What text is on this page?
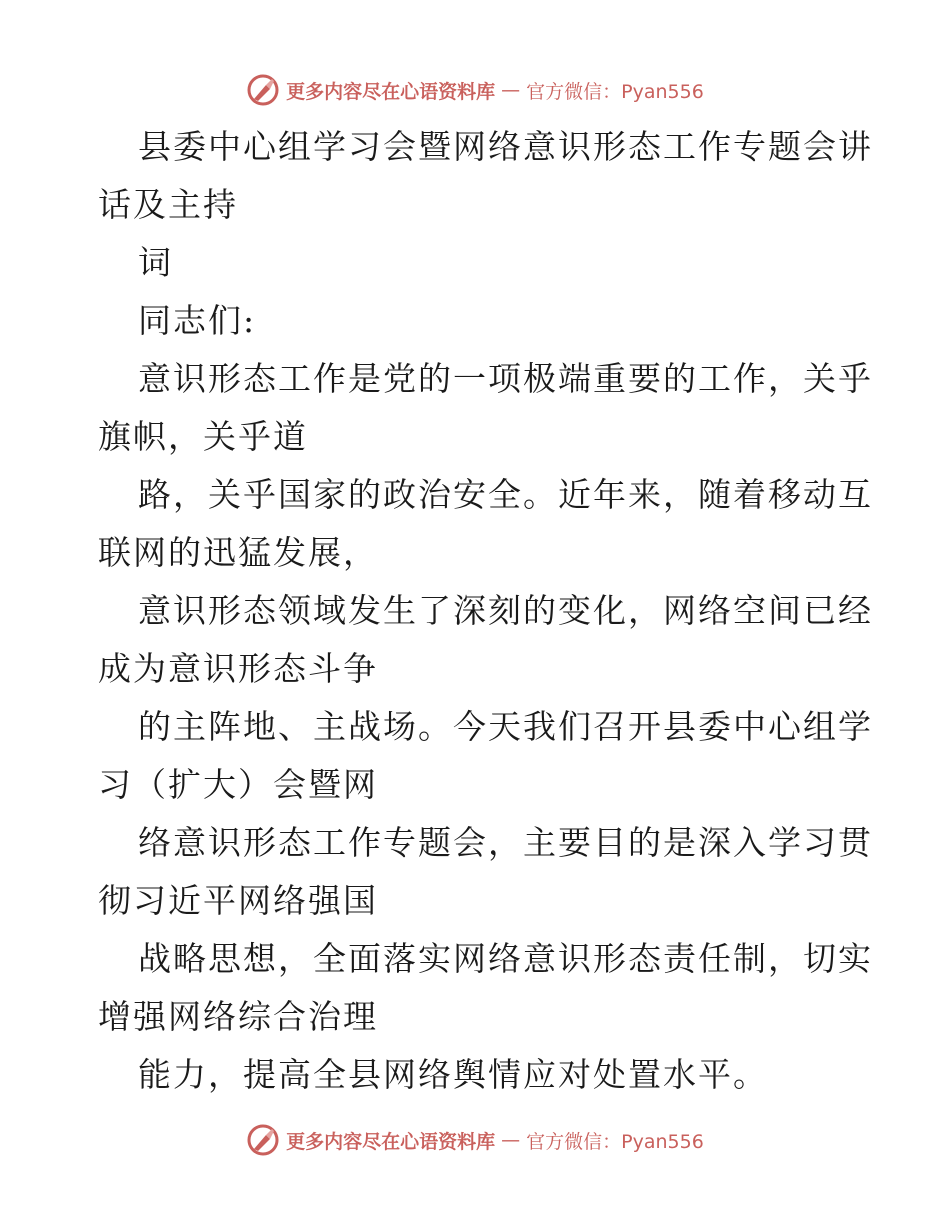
更多内容尽在心语资料库 — 官方微信：Pyan556
县委中心组学习会暨网络意识形态工作专题会讲
话及主持
词
同志们:
意识形态工作是党的一项极端重要的工作，关乎
旗帜，关乎道
路，关乎国家的政治安全。近年来，随着移动互
联网的迅猛发展，
意识形态领域发生了深刻的变化，网络空间已经
成为意识形态斗争
的主阵地、主战场。今天我们召开县委中心组学
习（扩大）会暨网
络意识形态工作专题会，主要目的是深入学习贯
彻习近平网络强国
战略思想，全面落实网络意识形态责任制，切实
增强网络综合治理
能力，提高全县网络舆情应对处置水平。
更多内容尽在心语资料库 — 官方微信：Pyan556
